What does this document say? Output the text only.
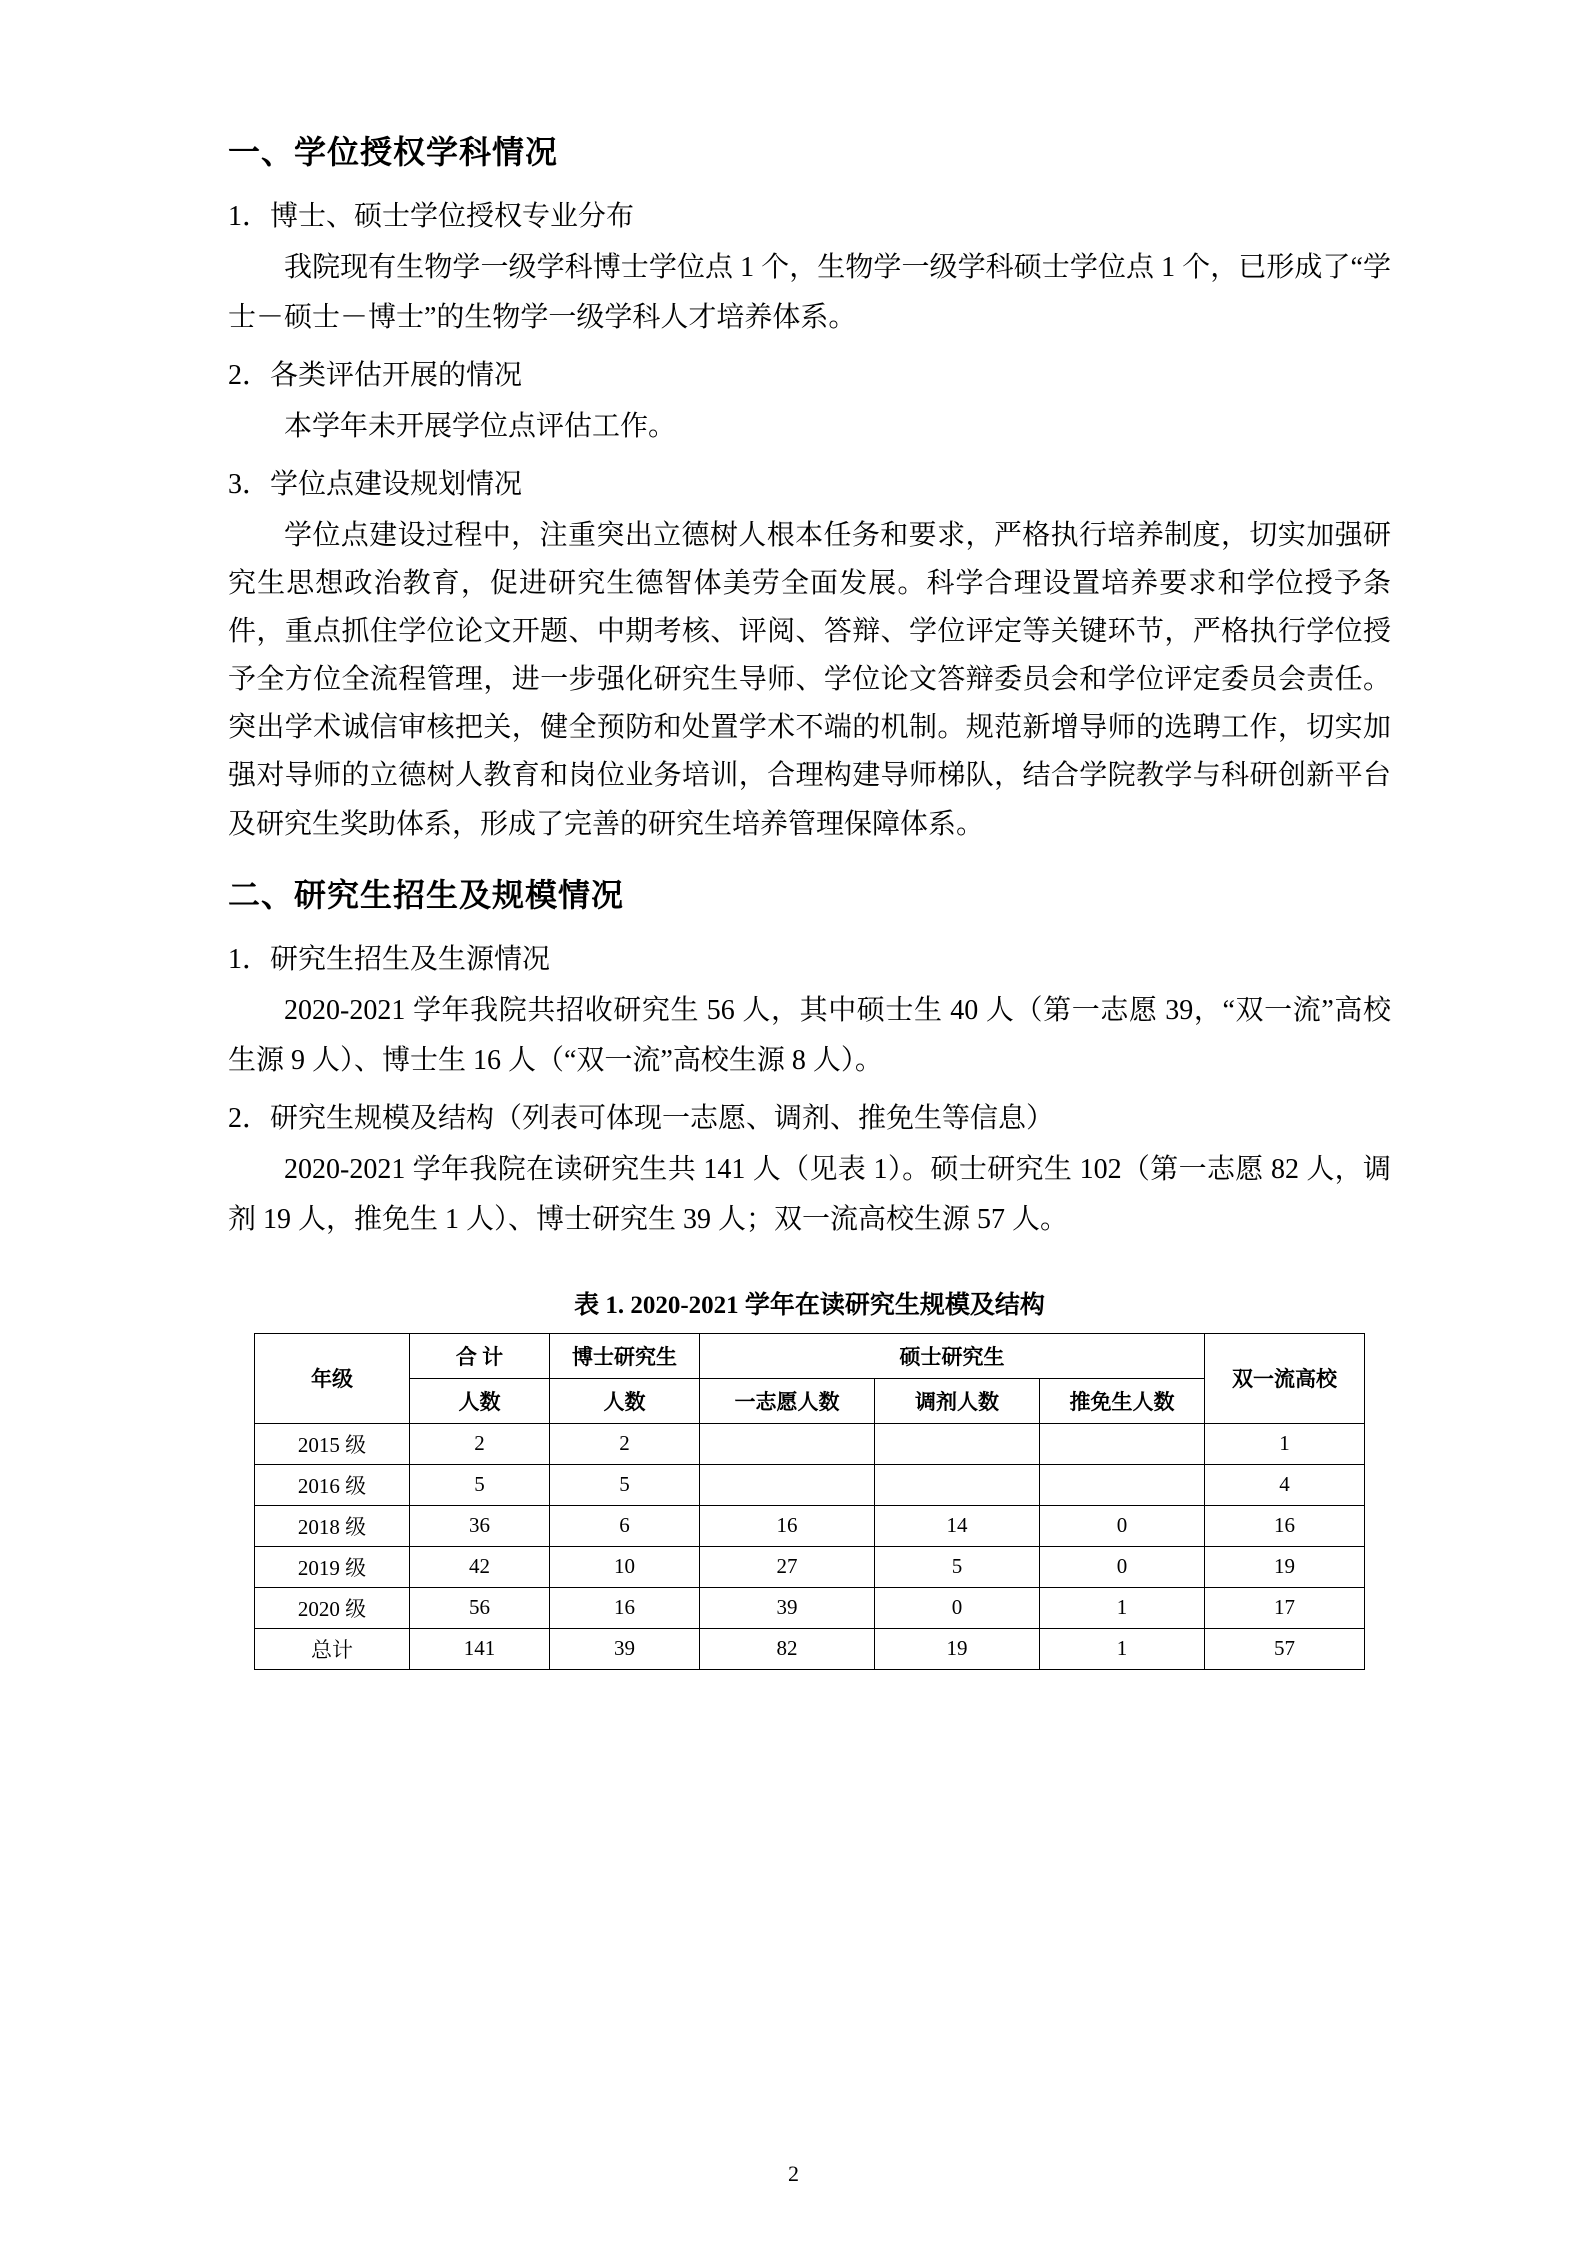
一、学位授权学科情况

1．博士、硕士学位授权专业分布

我院现有生物学一级学科博士学位点 1 个，生物学一级学科硕士学位点 1 个，已形成了“学士－硕士－博士”的生物学一级学科人才培养体系。

2．各类评估开展的情况

本学年未开展学位点评估工作。

3．学位点建设规划情况

学位点建设过程中，注重突出立德树人根本任务和要求，严格执行培养制度，切实加强研究生思想政治教育，促进研究生德智体美劳全面发展。科学合理设置培养要求和学位授予条件，重点抓住学位论文开题、中期考核、评阅、答辩、学位评定等关键环节，严格执行学位授予全方位全流程管理，进一步强化研究生导师、学位论文答辩委员会和学位评定委员会责任。突出学术诚信审核把关，健全预防和处置学术不端的机制。规范新增导师的选聘工作，切实加强对导师的立德树人教育和岗位业务培训，合理构建导师梯队，结合学院教学与科研创新平台及研究生奖助体系，形成了完善的研究生培养管理保障体系。

二、研究生招生及规模情况

1．研究生招生及生源情况

2020-2021 学年我院共招收研究生 56 人，其中硕士生 40 人（第一志愿 39，“双一流”高校生源 9 人）、博士生 16 人（“双一流”高校生源 8 人）。

2．研究生规模及结构（列表可体现一志愿、调剂、推免生等信息）

2020-2021 学年我院在读研究生共 141 人（见表 1）。硕士研究生 102（第一志愿 82 人，调剂 19 人，推免生 1 人）、博士研究生 39 人；双一流高校生源 57 人。

表 1. 2020-2021 学年在读研究生规模及结构
年级	合 计	博士研究生	硕士研究生			双一流高校
	人数	人数	一志愿人数	调剂人数	推免生人数	
2015 级	2	2				1
2016 级	5	5				4
2018 级	36	6	16	14	0	16
2019 级	42	10	27	5	0	19
2020 级	56	16	39	0	1	17
总计	141	39	82	19	1	57
2
